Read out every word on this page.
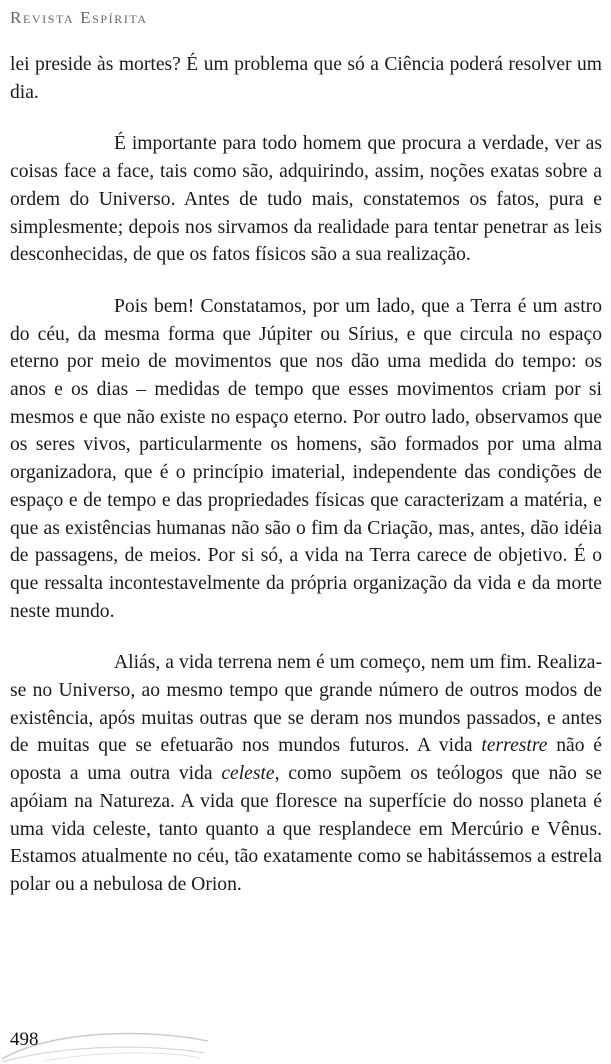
Revista Espírita

lei preside às mortes? É um problema que só a Ciência poderá resolver um dia.

É importante para todo homem que procura a verdade, ver as coisas face a face, tais como são, adquirindo, assim, noções exatas sobre a ordem do Universo. Antes de tudo mais, constatemos os fatos, pura e simplesmente; depois nos sirvamos da realidade para tentar penetrar as leis desconhecidas, de que os fatos físicos são a sua realização.

Pois bem! Constatamos, por um lado, que a Terra é um astro do céu, da mesma forma que Júpiter ou Sírius, e que circula no espaço eterno por meio de movimentos que nos dão uma medida do tempo: os anos e os dias – medidas de tempo que esses movimentos criam por si mesmos e que não existe no espaço eterno. Por outro lado, observamos que os seres vivos, particularmente os homens, são formados por uma alma organizadora, que é o princípio imaterial, independente das condições de espaço e de tempo e das propriedades físicas que caracterizam a matéria, e que as existências humanas não são o fim da Criação, mas, antes, dão idéia de passagens, de meios. Por si só, a vida na Terra carece de objetivo. É o que ressalta incontestavelmente da própria organização da vida e da morte neste mundo.

Aliás, a vida terrena nem é um começo, nem um fim. Realiza-se no Universo, ao mesmo tempo que grande número de outros modos de existência, após muitas outras que se deram nos mundos passados, e antes de muitas que se efetuarão nos mundos futuros. A vida terrestre não é oposta a uma outra vida celeste, como supõem os teólogos que não se apóiam na Natureza. A vida que floresce na superfície do nosso planeta é uma vida celeste, tanto quanto a que resplandece em Mercúrio e Vênus. Estamos atualmente no céu, tão exatamente como se habitássemos a estrela polar ou a nebulosa de Orion.

498
